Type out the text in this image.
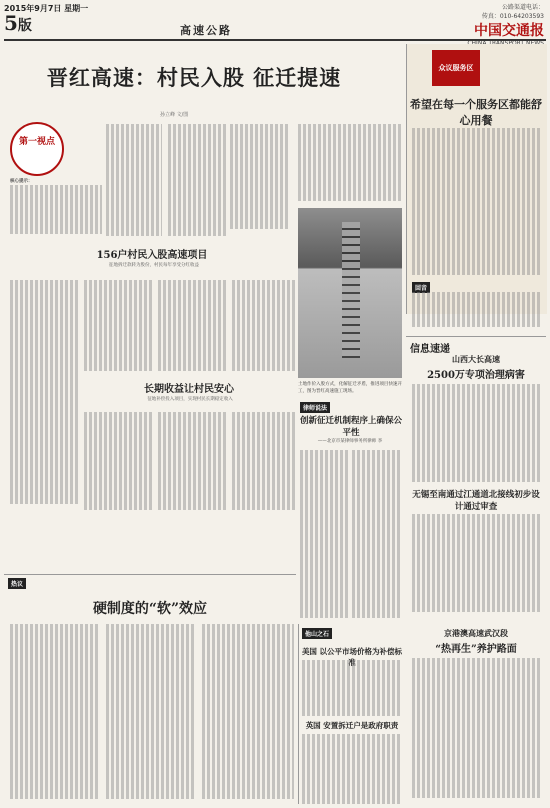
2015年9月7日 星期一
5版	高速公路
公路渠道电话：
传真：010-64203593
中国交通报
晋红高速：村民入股 征迁提速
孙立峰 文/图
第一视点
核心提示：
156户村民入股高速项目
征地拆迁款转为股份，村民每年享受分红收益
长期收益让村民安心
征地补偿投入项目，实现村民长期稳定收入
土地作价入股方式，化解征迁矛盾，推进项目快速开工，图为晋红高速施工现场。
律师说法
创新征迁机制程序上确保公平性
——北京市某律师事务所律师 李
热议
硬制度的“软”效应
他山之石
美国 以公平市场价格为补偿标准
英国 安置拆迁户是政府职责
众议服务区
希望在每一个服务区都能舒心用餐
回音
信息速递
山西大长高速
2500万专项治理病害
无锡至南通过江通道北接线初步设计通过审查
京港澳高速武汉段
“热再生”养护路面
